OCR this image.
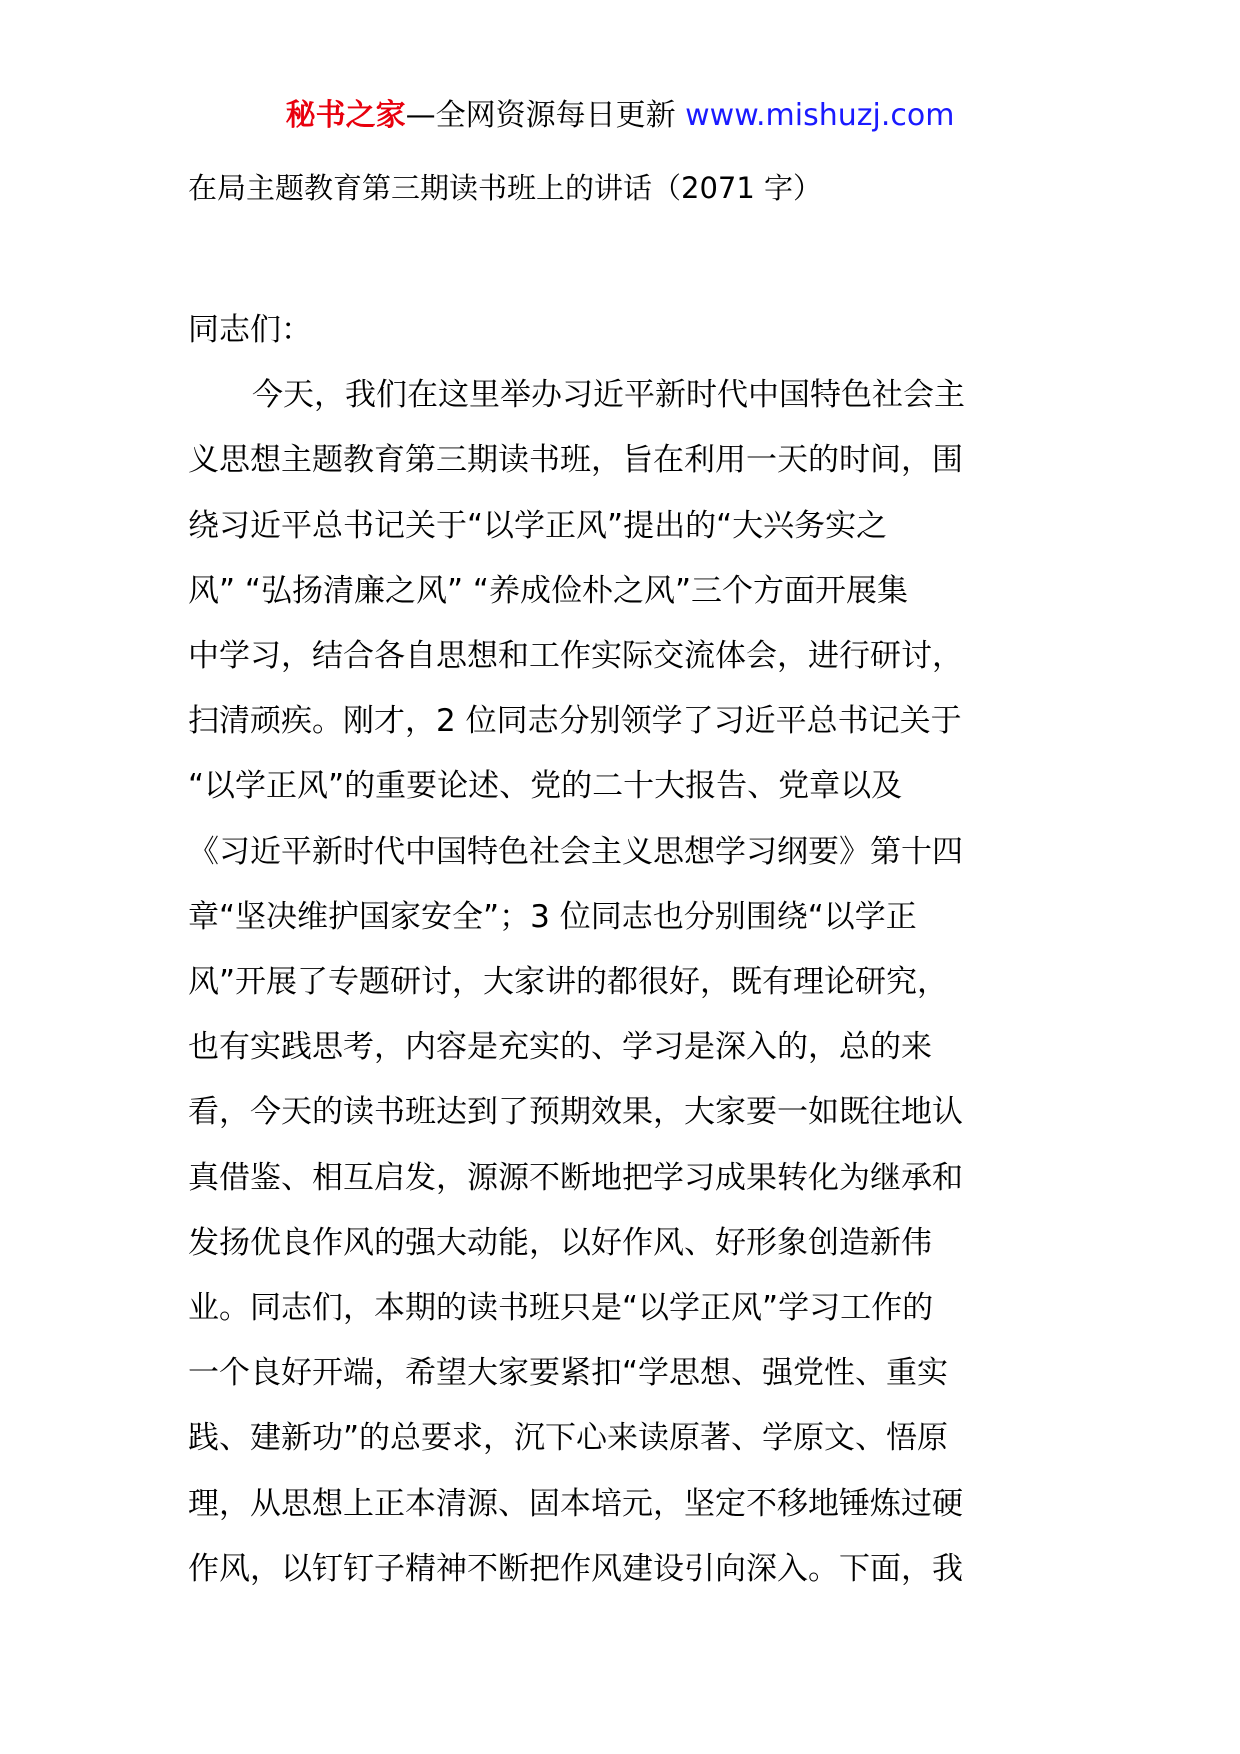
秘书之家—全网资源每日更新 www.mishuzj.com
在局主题教育第三期读书班上的讲话（2071 字）

同志们：

今天，我们在这里举办习近平新时代中国特色社会主

义思想主题教育第三期读书班，旨在利用一天的时间，围

绕习近平总书记关于“以学正风”提出的“大兴务实之

风” “弘扬清廉之风” “养成俭朴之风”三个方面开展集

中学习，结合各自思想和工作实际交流体会，进行研讨，

扫清顽疾。刚才，2 位同志分别领学了习近平总书记关于

“以学正风”的重要论述、党的二十大报告、党章以及

《习近平新时代中国特色社会主义思想学习纲要》第十四

章“坚决维护国家安全”；3 位同志也分别围绕“以学正

风”开展了专题研讨，大家讲的都很好，既有理论研究，

也有实践思考，内容是充实的、学习是深入的，总的来

看，今天的读书班达到了预期效果，大家要一如既往地认

真借鉴、相互启发，源源不断地把学习成果转化为继承和

发扬优良作风的强大动能，以好作风、好形象创造新伟

业。同志们，本期的读书班只是“以学正风”学习工作的

一个良好开端，希望大家要紧扣“学思想、强党性、重实

践、建新功”的总要求，沉下心来读原著、学原文、悟原

理，从思想上正本清源、固本培元，坚定不移地锤炼过硬

作风，以钉钉子精神不断把作风建设引向深入。下面，我
